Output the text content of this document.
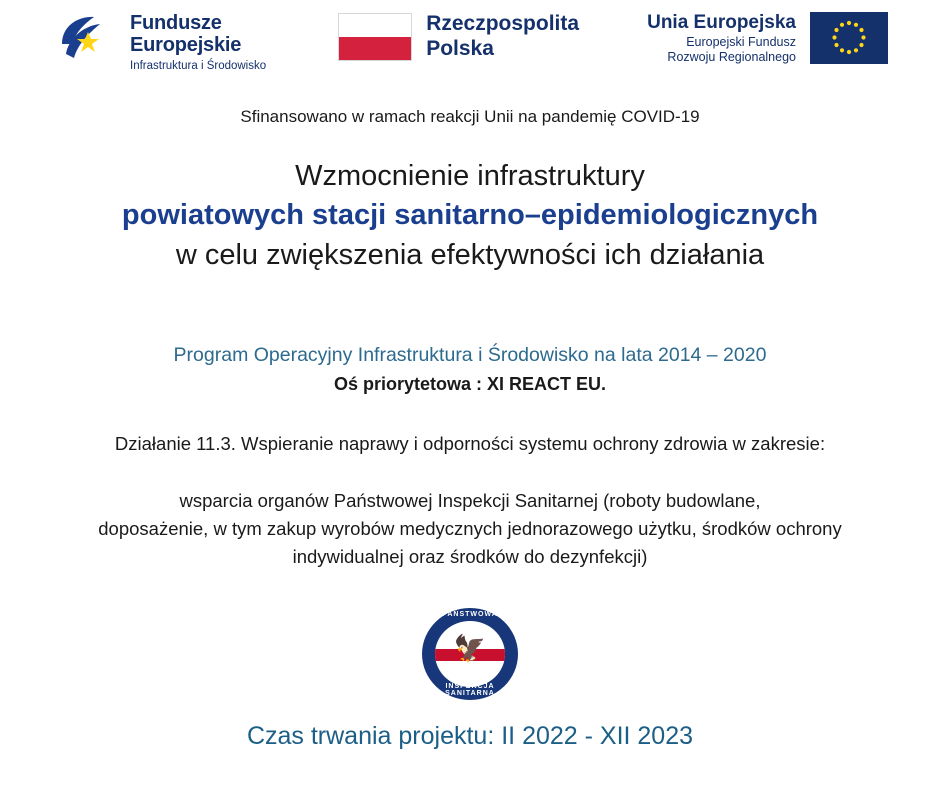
Fundusze
Europejskie
Infrastruktura i Środowisko
Rzeczpospolita
Polska
Unia Europejska
Europejski Fundusz
Rozwoju Regionalnego
Sfinansowano w ramach reakcji Unii na pandemię COVID-19
Wzmocnienie infrastruktury
powiatowych stacji sanitarno–epidemiologicznych
w celu zwiększenia efektywności ich działania
Program Operacyjny Infrastruktura i Środowisko na lata 2014 – 2020
Oś priorytetowa : XI REACT EU.
Działanie 11.3. Wspieranie naprawy i odporności systemu ochrony zdrowia w zakresie:
wsparcia organów Państwowej Inspekcji Sanitarnej (roboty budowlane,
doposażenie, w tym zakup wyrobów medycznych jednorazowego użytku, środków ochrony
indywidualnej oraz środków do dezynfekcji)
🦅
PAŃSTWOWA
INSPEKCJA SANITARNA
Czas trwania projektu: II 2022 - XII 2023
